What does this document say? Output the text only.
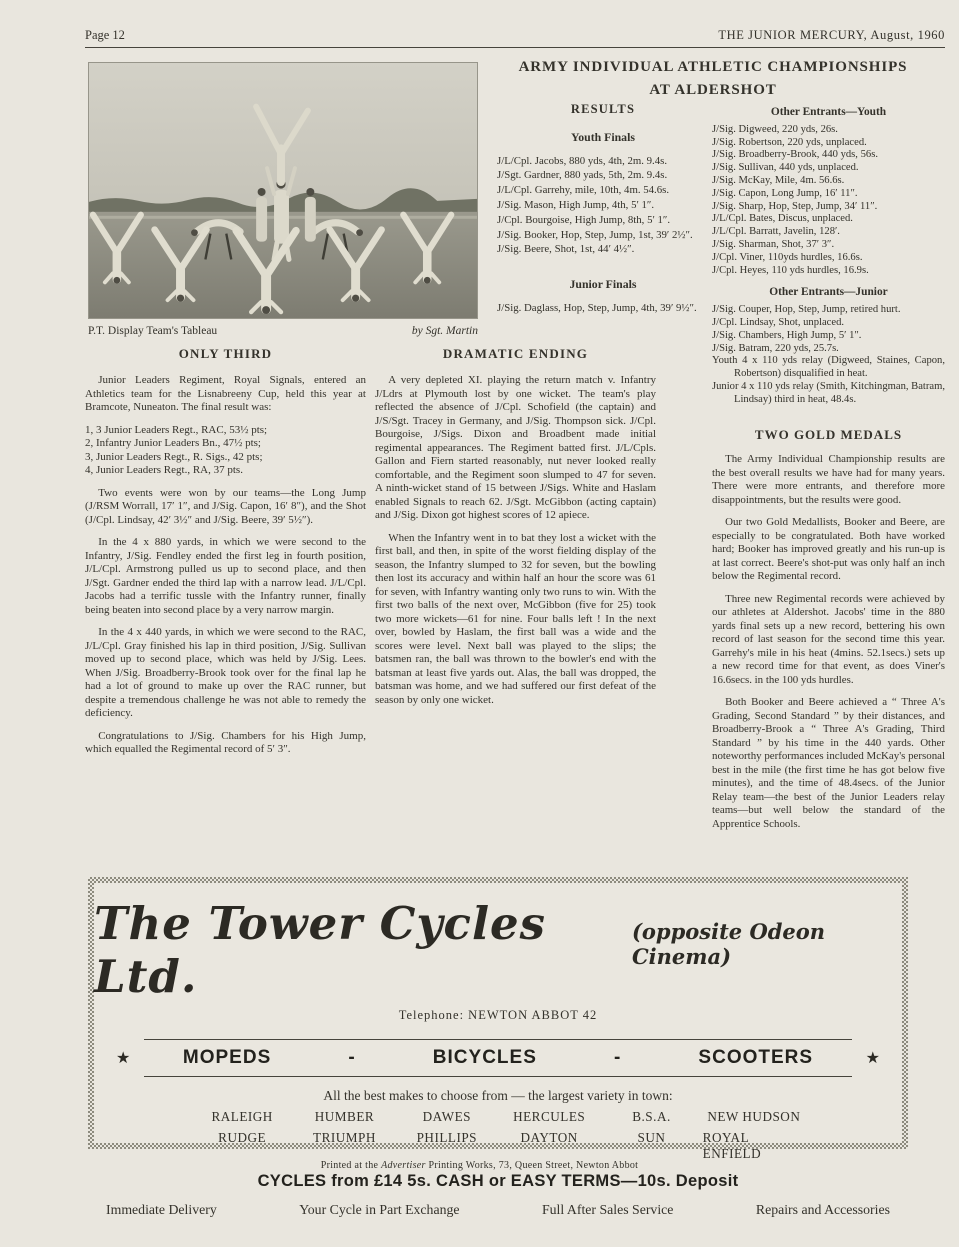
Page 12	THE JUNIOR MERCURY, August, 1960
P.T. Display Team's Tableau	by Sgt. Martin
ARMY INDIVIDUAL ATHLETIC CHAMPIONSHIPS
AT ALDERSHOT
RESULTS
Youth Finals

J/L/Cpl. Jacobs, 880 yds, 4th, 2m. 9.4s.

J/Sgt. Gardner, 880 yads, 5th, 2m. 9.4s.

J/L/Cpl. Garrehy, mile, 10th, 4m. 54.6s.

J/Sig. Mason, High Jump, 4th, 5′ 1″.

J/Cpl. Bourgoise, High Jump, 8th, 5′ 1″.

J/Sig. Booker, Hop, Step, Jump, 1st, 39′ 2½″.

J/Sig. Beere, Shot, 1st, 44′ 4½″.

Junior Finals

J/Sig. Daglass, Hop, Step, Jump, 4th, 39′ 9½″.

Other Entrants—Youth

J/Sig. Digweed, 220 yds, 26s.

J/Sig. Robertson, 220 yds, unplaced.

J/Sig. Broadberry-Brook, 440 yds, 56s.

J/Sig. Sullivan, 440 yds, unplaced.

J/Sig. McKay, Mile, 4m. 56.6s.

J/Sig. Capon, Long Jump, 16′ 11″.

J/Sig. Sharp, Hop, Step, Jump, 34′ 11″.

J/L/Cpl. Bates, Discus, unplaced.

J/L/Cpl. Barratt, Javelin, 128′.

J/Sig. Sharman, Shot, 37′ 3″.

J/Cpl. Viner, 110yds hurdles, 16.6s.

J/Cpl. Heyes, 110 yds hurdles, 16.9s.

Other Entrants—Junior

J/Sig. Couper, Hop, Step, Jump, retired hurt.

J/Cpl. Lindsay, Shot, unplaced.

J/Sig. Chambers, High Jump, 5′ 1″.

J/Sig. Batram, 220 yds, 25.7s.

Youth 4 x 110 yds relay (Digweed, Staines, Capon, Robertson) disqualified in heat.

Junior 4 x 110 yds relay (Smith, Kitchingman, Batram, Lindsay) third in heat, 48.4s.

TWO GOLD MEDALS

The Army Individual Championship results are the best overall results we have had for many years. There were more entrants, and therefore more disappointments, but the results were good.

Our two Gold Medallists, Booker and Beere, are especially to be congratulated. Both have worked hard; Booker has improved greatly and his run-up is at last correct. Beere's shot-put was only half an inch below the Regimental record.

Three new Regimental records were achieved by our athletes at Aldershot. Jacobs' time in the 880 yards final sets up a new record, bettering his own record of last season for the second time this year. Garrehy's mile in his heat (4mins. 52.1secs.) sets up a new record time for that event, as does Viner's 16.6secs. in the 100 yds hurdles.

Both Booker and Beere achieved a “ Three A's Grading, Second Standard ” by their distances, and Broadberry-Brook a “ Three A's Grading, Third Standard ” by his time in the 440 yards. Other noteworthy performances included McKay's personal best in the mile (the first time he has got below five minutes), and the time of 48.4secs. of the Junior Relay team—the best of the Junior Leaders relay teams—but well below the standard of the Apprentice Schools.

ONLY THIRD

Junior Leaders Regiment, Royal Signals, entered an Athletics team for the Lisnabreeny Cup, held this year at Bramcote, Nuneaton. The final result was:

1, 3 Junior Leaders Regt., RAC, 53½ pts;

2, Infantry Junior Leaders Bn., 47½ pts;

3, Junior Leaders Regt., R. Sigs., 42 pts;

4, Junior Leaders Regt., RA, 37 pts.

Two events were won by our teams—the Long Jump (J/RSM Worrall, 17′ 1″, and J/Sig. Capon, 16′ 8″), and the Shot (J/Cpl. Lindsay, 42′ 3½″ and J/Sig. Beere, 39′ 5½″).

In the 4 x 880 yards, in which we were second to the Infantry, J/Sig. Fendley ended the first leg in fourth position, J/L/Cpl. Armstrong pulled us up to second place, and then J/Sgt. Gardner ended the third lap with a narrow lead. J/L/Cpl. Jacobs had a terrific tussle with the Infantry runner, finally being beaten into second place by a very narrow margin.

In the 4 x 440 yards, in which we were second to the RAC, J/L/Cpl. Gray finished his lap in third position, J/Sig. Sullivan moved up to second place, which was held by J/Sig. Lees. When J/Sig. Broadberry-Brook took over for the final lap he had a lot of ground to make up over the RAC runner, but despite a tremendous challenge he was not able to remedy the deficiency.

Congratulations to J/Sig. Chambers for his High Jump, which equalled the Regimental record of 5′ 3″.

DRAMATIC ENDING

A very depleted XI. playing the return match v. Infantry J/Ldrs at Plymouth lost by one wicket. The team's play reflected the absence of J/Cpl. Schofield (the captain) and J/S/Sgt. Tracey in Germany, and J/Sig. Thompson sick. J/Cpl. Bourgoise, J/Sigs. Dixon and Broadbent made initial regimental appearances. The Regiment batted first. J/L/Cpls. Gallon and Fiern started reasonably, nut never looked really comfortable, and the Regiment soon slumped to 47 for seven. A ninth-wicket stand of 15 between J/Sigs. White and Haslam enabled Signals to reach 62. J/Sgt. McGibbon (acting captain) and J/Sig. Dixon got highest scores of 12 apiece.

When the Infantry went in to bat they lost a wicket with the first ball, and then, in spite of the worst fielding display of the season, the Infantry slumped to 32 for seven, but the bowling then lost its accuracy and within half an hour the score was 61 for seven, with Infantry wanting only two runs to win. With the first two balls of the next over, McGibbon (five for 25) took two more wickets—61 for nine. Four balls left ! In the next over, bowled by Haslam, the first ball was a wide and the scores were level. Next ball was played to the slips; the batsmen ran, the ball was thrown to the bowler's end with the batsman at least five yards out. Alas, the ball was dropped, the batsman was home, and we had suffered our first defeat of the season by only one wicket.

The Tower Cycles Ltd.
(opposite Odeon Cinema)
Telephone: NEWTON ABBOT 42
★	MOPEDS	-	BICYCLES	-	SCOOTERS	★
All the best makes to choose from — the largest variety in town:
RALEIGH	HUMBER	DAWES	HERCULES	B.S.A.	NEW HUDSON
RUDGE	TRIUMPH	PHILLIPS	DAYTON	SUN	ROYAL ENFIELD
CYCLES from £14 5s. CASH or EASY TERMS—10s. Deposit
Immediate Delivery	Your Cycle in Part Exchange	Full After Sales Service	Repairs and Accessories
Printed at the Advertiser Printing Works, 73, Queen Street, Newton Abbot
